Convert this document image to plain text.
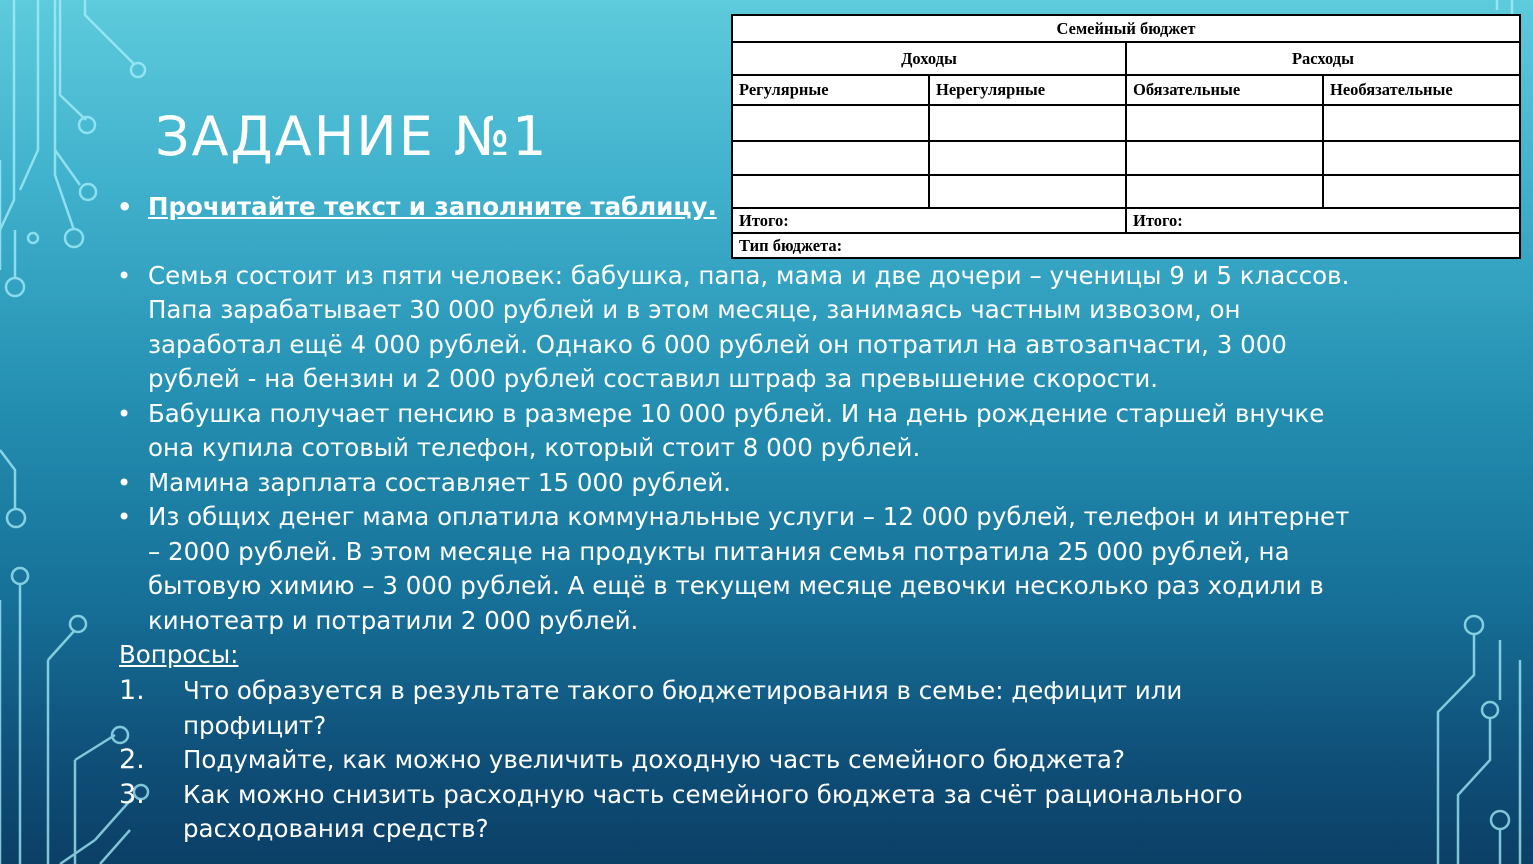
ЗАДАНИЕ №1
• Прочитайте текст и заполните таблицу.
• Семья состоит из пяти человек: бабушка, папа, мама и две дочери – ученицы 9 и 5 классов. Папа зарабатывает 30 000 рублей и в этом месяце, занимаясь частным извозом, он заработал ещё 4 000 рублей. Однако 6 000 рублей он потратил на автозапчасти, 3 000 рублей - на бензин и 2 000 рублей составил штраф за превышение скорости.
• Бабушка получает пенсию в размере 10 000 рублей. И на день рождение старшей внучке она купила сотовый телефон, который стоит 8 000 рублей.
• Мамина зарплата составляет 15 000 рублей.
• Из общих денег мама оплатила коммунальные услуги – 12 000 рублей, телефон и интернет – 2000 рублей. В этом месяце на продукты питания семья потратила 25 000 рублей, на бытовую химию – 3 000 рублей. А ещё в текущем месяце девочки несколько раз ходили в кинотеатр и потратили 2 000 рублей.
Вопросы:
1. Что образуется в результате такого бюджетирования в семье: дефицит или профицит?
2. Подумайте, как можно увеличить доходную часть семейного бюджета?
3. Как можно снизить расходную часть семейного бюджета за счёт рационального расходования средств?
Семейный бюджет			
Доходы		Расходы	
Регулярные	Нерегулярные	Обязательные	Необязательные

Итого:		Итого:	
Тип бюджета:			
